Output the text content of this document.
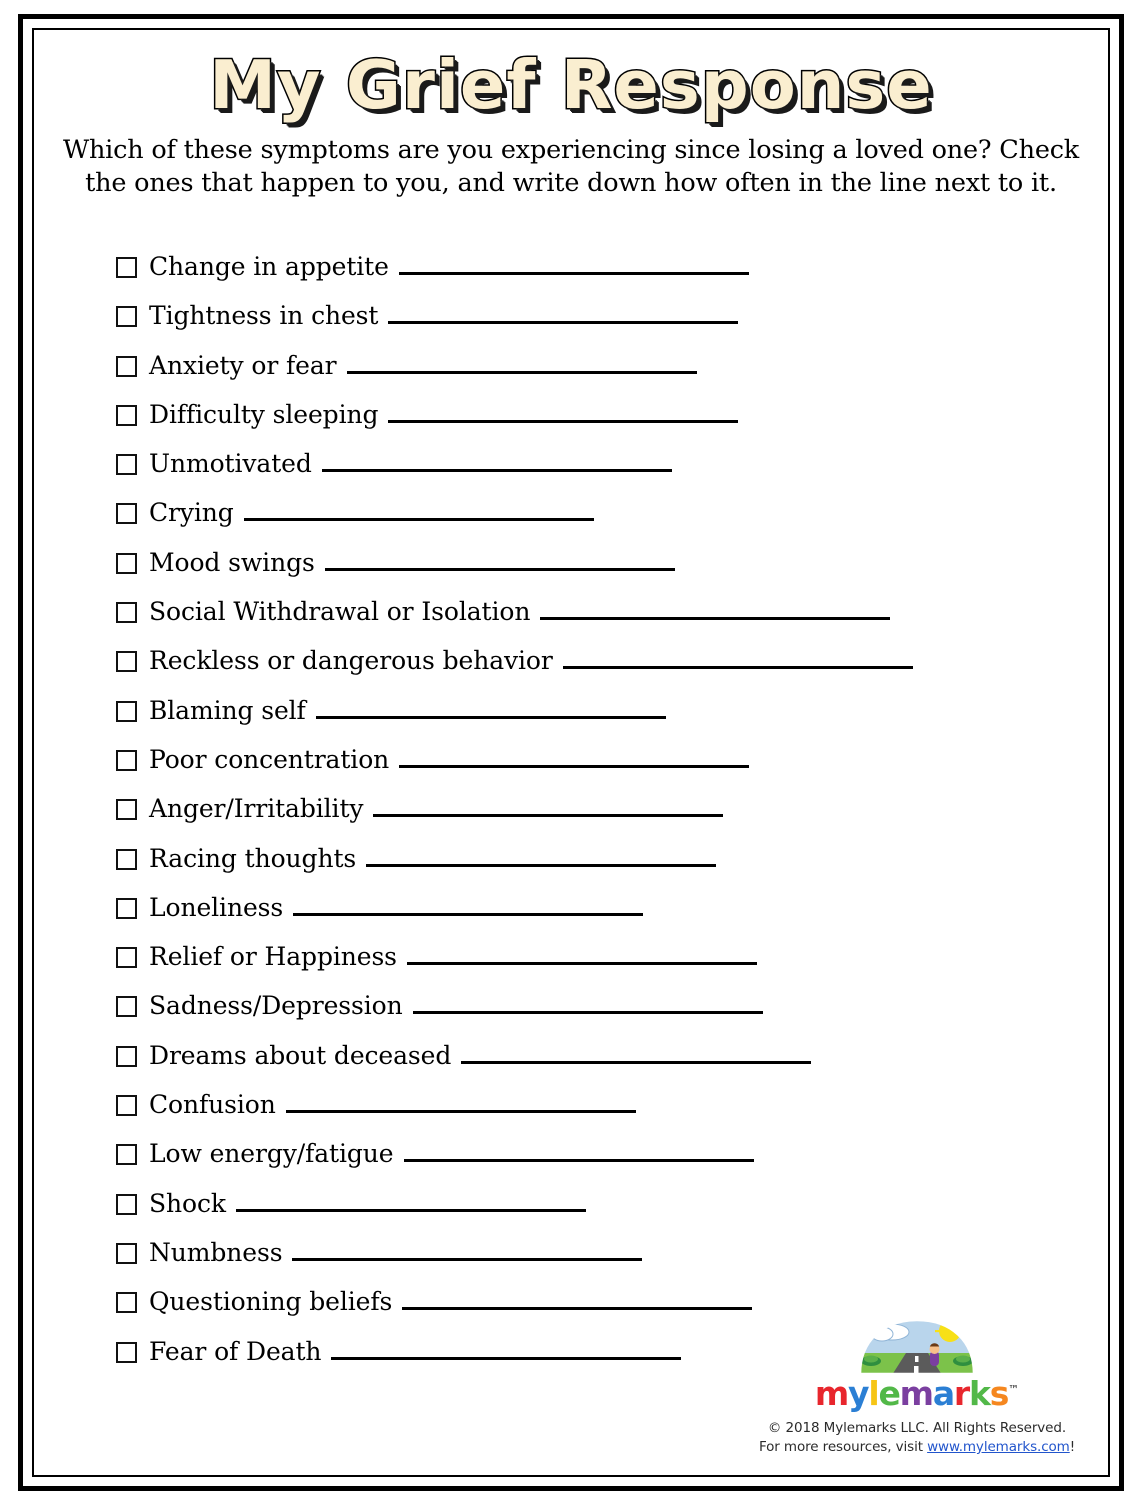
My Grief Response
Which of these symptoms are you experiencing since losing a loved one? Check the ones that happen to you, and write down how often in the line next to it.
Change in appetite
Tightness in chest
Anxiety or fear
Difficulty sleeping
Unmotivated
Crying
Mood swings
Social Withdrawal or Isolation
Reckless or dangerous behavior
Blaming self
Poor concentration
Anger/Irritability
Racing thoughts
Loneliness
Relief or Happiness
Sadness/Depression
Dreams about deceased
Confusion
Low energy/fatigue
Shock
Numbness
Questioning beliefs
Fear of Death
mylemarks™
© 2018 Mylemarks LLC. All Rights Reserved.
For more resources, visit www.mylemarks.com!
